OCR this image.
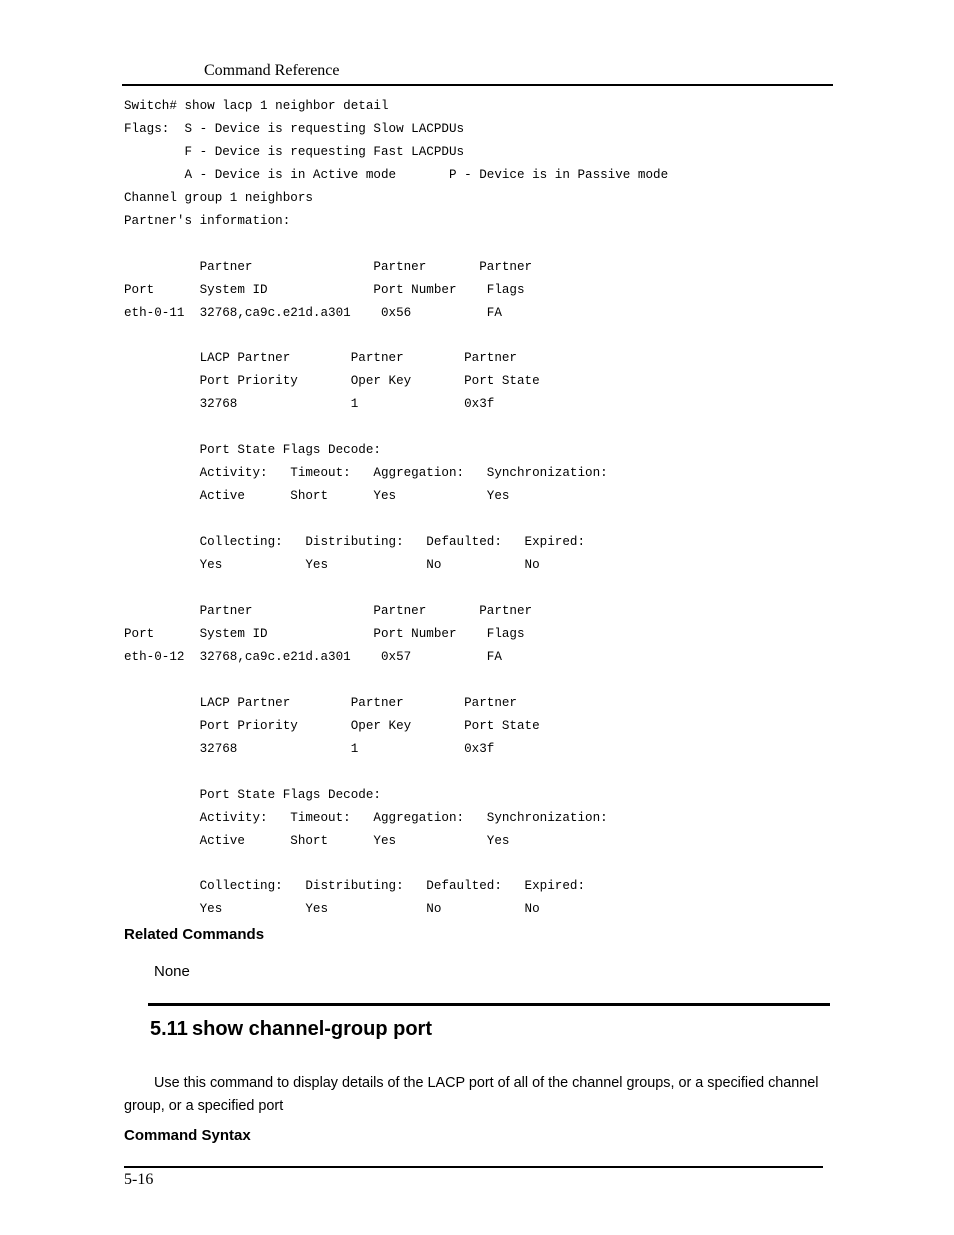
Command Reference
Switch# show lacp 1 neighbor detail
Flags:  S - Device is requesting Slow LACPDUs
F - Device is requesting Fast LACPDUs
A - Device is in Active mode       P - Device is in Passive mode
Channel group 1 neighbors
Partner's information:

Partner                Partner       Partner
Port      System ID              Port Number    Flags
eth-0-11  32768,ca9c.e21d.a301    0x56          FA

LACP Partner        Partner        Partner
Port Priority       Oper Key       Port State
32768               1              0x3f

Port State Flags Decode:
Activity:   Timeout:   Aggregation:   Synchronization:
Active      Short      Yes            Yes

Collecting:   Distributing:   Defaulted:   Expired:
Yes           Yes             No           No

Partner                Partner       Partner
Port      System ID              Port Number    Flags
eth-0-12  32768,ca9c.e21d.a301    0x57          FA

LACP Partner        Partner        Partner
Port Priority       Oper Key       Port State
32768               1              0x3f

Port State Flags Decode:
Activity:   Timeout:   Aggregation:   Synchronization:
Active      Short      Yes            Yes

Collecting:   Distributing:   Defaulted:   Expired:
Yes           Yes             No           No
Related Commands
None
5.11 show channel-group port

Use this command to display details of the LACP port of all of the channel groups, or a specified channel group, or a specified port

Command Syntax
5-16
